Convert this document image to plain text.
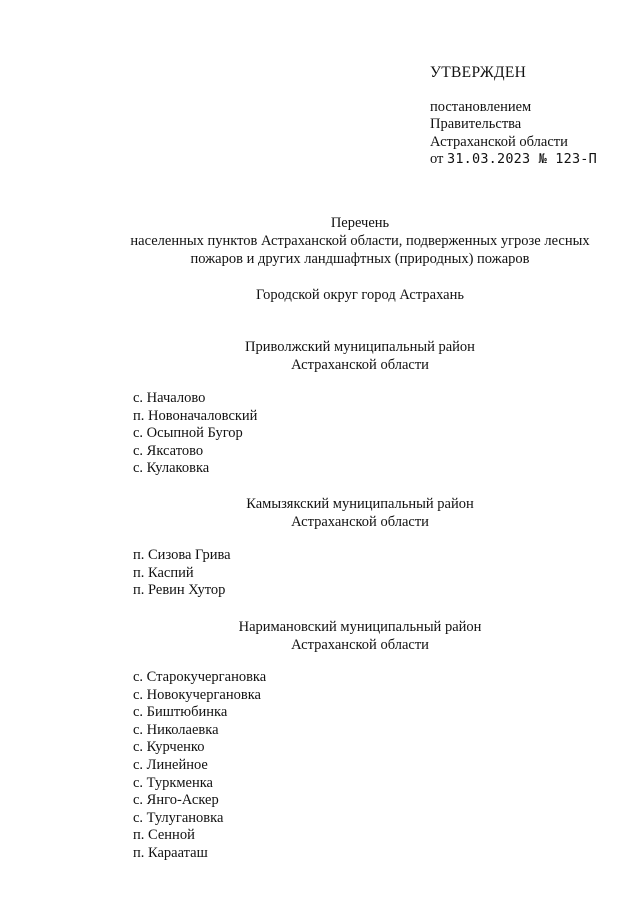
УТВЕРЖДЕН
постановлением
Правительства
Астраханской области
от 31.03.2023 № 123-П
Перечень
населенных пунктов Астраханской области, подверженных угрозе лесных
пожаров и других ландшафтных (природных) пожаров
Городской округ город Астрахань
Приволжский муниципальный район
Астраханской области
с. Началово
п. Новоначаловский
с. Осыпной Бугор
с. Яксатово
с. Кулаковка
Камызякский муниципальный район
Астраханской области
п. Сизова Грива
п. Каспий
п. Ревин Хутор
Наримановский муниципальный район
Астраханской области
с. Старокучергановка
с. Новокучергановка
с. Биштюбинка
с. Николаевка
с. Курченко
с. Линейное
с. Туркменка
с. Янго-Аскер
с. Тулугановка
п. Сенной
п. Карааташ
